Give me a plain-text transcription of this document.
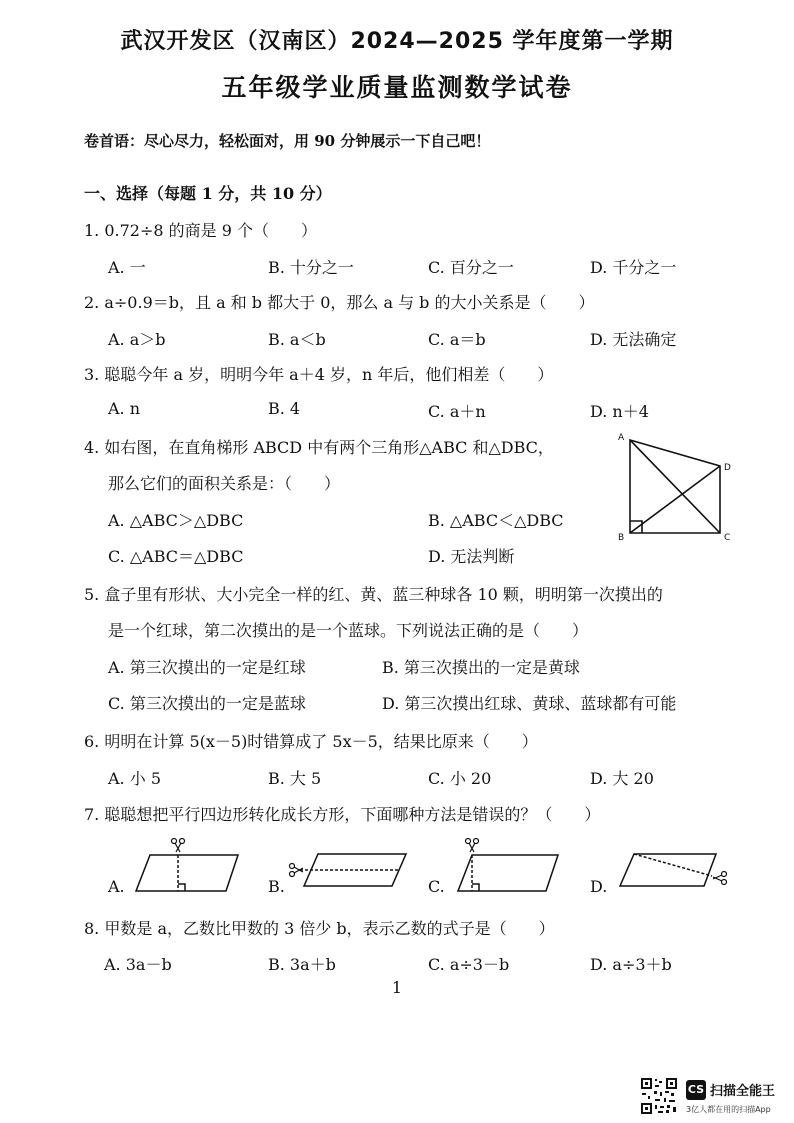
武汉开发区（汉南区）2024—2025 学年度第一学期
五年级学业质量监测数学试卷
卷首语：尽心尽力，轻松面对，用 90 分钟展示一下自己吧！
一、选择（每题 1 分，共 10 分）
1. 0.72÷8 的商是 9 个（　　）
A. 一	B. 十分之一	C. 百分之一	D. 千分之一
2. a÷0.9＝b，且 a 和 b 都大于 0，那么 a 与 b 的大小关系是（　　）
A. a＞b	B. a＜b	C. a＝b	D. 无法确定
3. 聪聪今年 a 岁，明明今年 a＋4 岁，n 年后，他们相差（　　）
A. n	B. 4	C. a＋n	D. n＋4
4. 如右图，在直角梯形 ABCD 中有两个三角形△ABC 和△DBC，
那么它们的面积关系是：（　　）
A. △ABC＞△DBC	B. △ABC＜△DBC
C. △ABC＝△DBC	D. 无法判断
A
D
B	C
5. 盒子里有形状、大小完全一样的红、黄、蓝三种球各 10 颗，明明第一次摸出的
是一个红球，第二次摸出的是一个蓝球。下列说法正确的是（　　）
A. 第三次摸出的一定是红球	B. 第三次摸出的一定是黄球
C. 第三次摸出的一定是蓝球	D. 第三次摸出红球、黄球、蓝球都有可能
6. 明明在计算 5(x－5)时错算成了 5x－5，结果比原来（　　）
A. 小 5	B. 大 5	C. 小 20	D. 大 20
7. 聪聪想把平行四边形转化成长方形，下面哪种方法是错误的？（　　）
A.	B.	C.	D.
8. 甲数是 a，乙数比甲数的 3 倍少 b，表示乙数的式子是（　　）
A. 3a－b	B. 3a＋b	C. a÷3－b	D. a÷3＋b
1
CS 扫描全能王
3亿人都在用的扫描App
